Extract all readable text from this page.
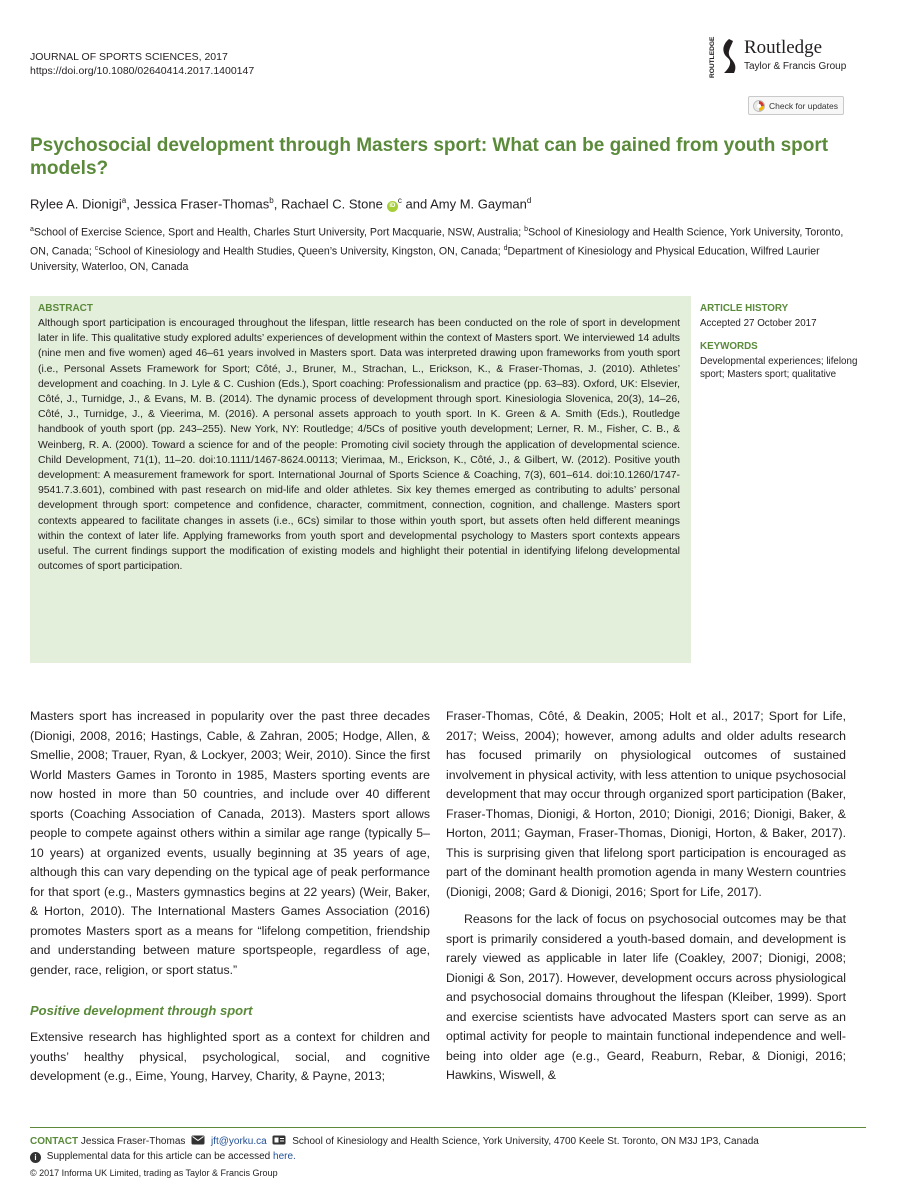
JOURNAL OF SPORTS SCIENCES, 2017
https://doi.org/10.1080/02640414.2017.1400147	ROUTLEDGE Routledge
Taylor & Francis Group
Check for updates
Psychosocial development through Masters sport: What can be gained from youth sport models?
Rylee A. Dionigi$^a$, Jessica Fraser-Thomas$^b$, Rachael C. Stone $iD^c$ and Amy M. Gayman$^d$
$^a$School of Exercise Science, Sport and Health, Charles Sturt University, Port Macquarie, NSW, Australia; $^b$School of Kinesiology and Health Science, York University, Toronto, ON, Canada; $^c$School of Kinesiology and Health Studies, Queen’s University, Kingston, ON, Canada; $^d$Department of Kinesiology and Physical Education, Wilfred Laurier University, Waterloo, ON, Canada
ABSTRACT
Although sport participation is encouraged throughout the lifespan, little research has been conducted on the role of sport in development later in life. This qualitative study explored adults’ experiences of development within the context of Masters sport. We interviewed 14 adults (nine men and five women) aged 46–61 years involved in Masters sport. Data was interpreted drawing upon frameworks from youth sport (i.e., Personal Assets Framework for Sport; Côté, J., Bruner, M., Strachan, L., Erickson, K., & Fraser-Thomas, J. (2010). Athletes’ development and coaching. In J. Lyle & C. Cushion (Eds.), Sport coaching: Professionalism and practice (pp. 63–83). Oxford, UK: Elsevier, Côté, J., Turnidge, J., & Evans, M. B. (2014). The dynamic process of development through sport. Kinesiologia Slovenica, 20(3), 14–26, Côté, J., Turnidge, J., & Vieerima, M. (2016). A personal assets approach to youth sport. In K. Green & A. Smith (Eds.), Routledge handbook of youth sport (pp. 243–255). New York, NY: Routledge; 4/5Cs of positive youth development; Lerner, R. M., Fisher, C. B., & Weinberg, R. A. (2000). Toward a science for and of the people: Promoting civil society through the application of developmental science. Child Development, 71(1), 11–20. doi:10.1111/1467-8624.00113; Vierimaa, M., Erickson, K., Côté, J., & Gilbert, W. (2012). Positive youth development: A measurement framework for sport. International Journal of Sports Science & Coaching, 7(3), 601–614. doi:10.1260/1747-9541.7.3.601), combined with past research on mid-life and older athletes. Six key themes emerged as contributing to adults’ personal development through sport: competence and confidence, character, commitment, connection, cognition, and challenge. Masters sport contexts appeared to facilitate changes in assets (i.e., 6Cs) similar to those within youth sport, but assets often held different meanings within the context of later life. Applying frameworks from youth sport and developmental psychology to Masters sport contexts appears useful. The current findings support the modification of existing models and highlight their potential in identifying lifelong developmental outcomes of sport participation.
ARTICLE HISTORY
Accepted 27 October 2017
KEYWORDS
Developmental experiences; lifelong sport; Masters sport; qualitative

Masters sport has increased in popularity over the past three decades (Dionigi, 2008, 2016; Hastings, Cable, & Zahran, 2005; Hodge, Allen, & Smellie, 2008; Trauer, Ryan, & Lockyer, 2003; Weir, 2010). Since the first World Masters Games in Toronto in 1985, Masters sporting events are now hosted in more than 50 countries, and include over 40 different sports (Coaching Association of Canada, 2013). Masters sport allows people to compete against others within a similar age range (typically 5–10 years) at organized events, usually beginning at 35 years of age, although this can vary depending on the typical age of peak performance for that sport (e.g., Masters gymnastics begins at 22 years) (Weir, Baker, & Horton, 2010). The International Masters Games Association (2016) promotes Masters sport as a means for “lifelong competition, friendship and understanding between mature sportspeople, regardless of age, gender, race, religion, or sport status.”

Positive development through sport

Extensive research has highlighted sport as a context for children and youths’ healthy physical, psychological, social, and cognitive development (e.g., Eime, Young, Harvey, Charity, & Payne, 2013;

Fraser-Thomas, Côté, & Deakin, 2005; Holt et al., 2017; Sport for Life, 2017; Weiss, 2004); however, among adults and older adults research has focused primarily on physiological outcomes of sustained involvement in physical activity, with less attention to unique psychosocial development that may occur through organized sport participation (Baker, Fraser-Thomas, Dionigi, & Horton, 2010; Dionigi, 2016; Dionigi, Baker, & Horton, 2011; Gayman, Fraser-Thomas, Dionigi, Horton, & Baker, 2017). This is surprising given that lifelong sport participation is encouraged as part of the dominant health promotion agenda in many Western countries (Dionigi, 2008; Gard & Dionigi, 2016; Sport for Life, 2017).

Reasons for the lack of focus on psychosocial outcomes may be that sport is primarily considered a youth-based domain, and development is rarely viewed as applicable in later life (Coakley, 2007; Dionigi, 2008; Dionigi & Son, 2017). However, development occurs across physiological and psychosocial domains throughout the lifespan (Kleiber, 1999). Sport and exercise scientists have advocated Masters sport can serve as an optimal activity for people to maintain functional independence and well-being into older age (e.g., Geard, Reaburn, Rebar, & Dionigi, 2016; Hawkins, Wiswell, &

CONTACT Jessica Fraser-Thomas	jft@yorku.ca	School of Kinesiology and Health Science, York University, 4700 Keele St. Toronto, ON M3J 1P3, Canada
i Supplemental data for this article can be accessed here.
© 2017 Informa UK Limited, trading as Taylor & Francis Group
